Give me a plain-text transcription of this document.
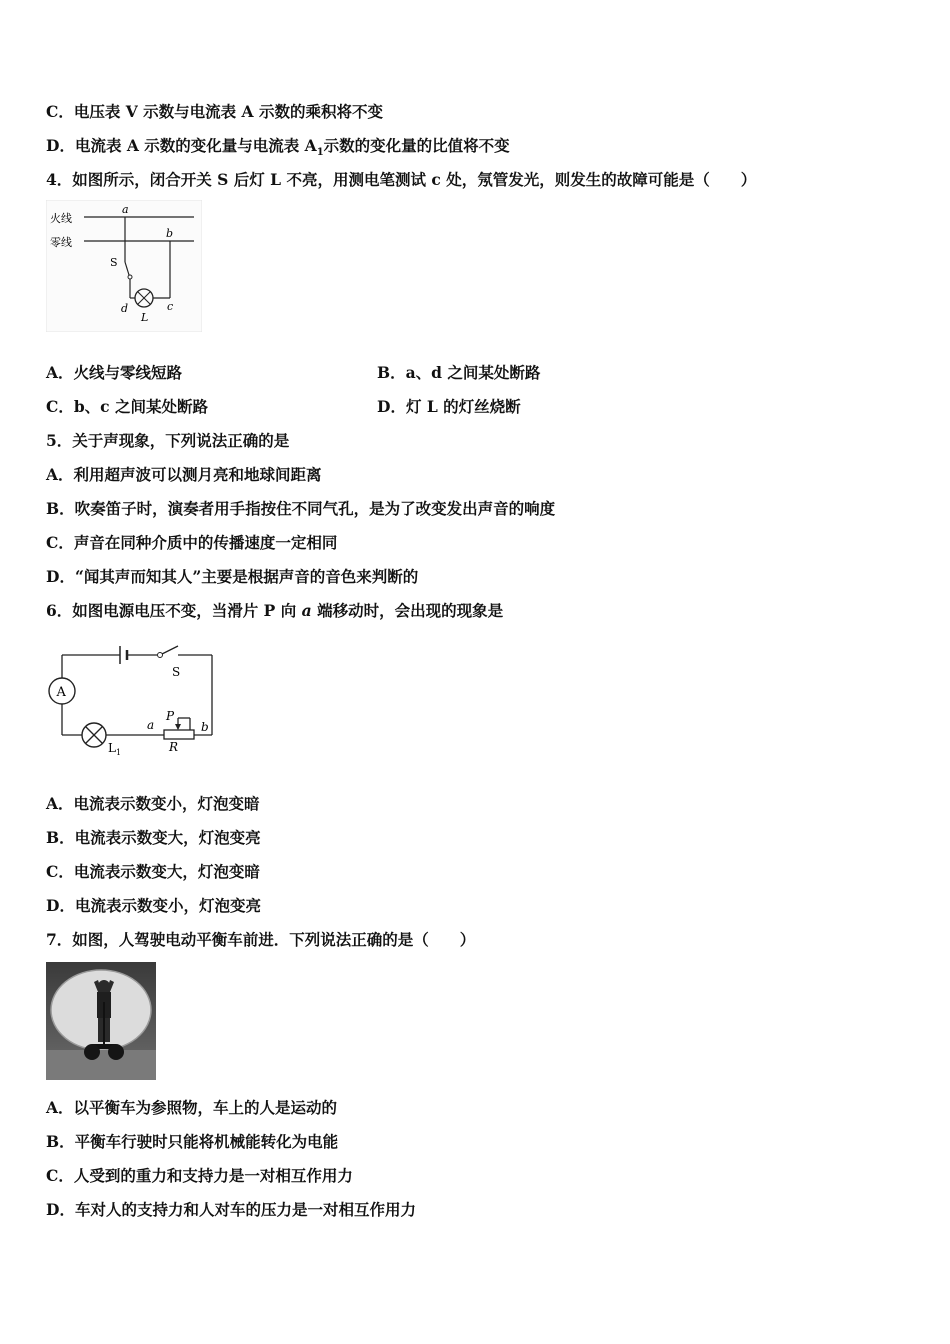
C．电压表 V 示数与电流表 A 示数的乘积将不变
D．电流表 A 示数的变化量与电流表 $A_1$示数的变化量的比值将不变
4．如图所示，闭合开关 S 后灯 L 不亮，用测电笔测试 c 处，氖管发光，则发生的故障可能是（　　）
火线
零线
a
b
S
d
L
c
A．火线与零线短路	B．a、d 之间某处断路
C．b、c 之间某处断路	D．灯 L 的灯丝烧断
5．关于声现象，下列说法正确的是
A．利用超声波可以测月亮和地球间距离
B．吹奏笛子时，演奏者用手指按住不同气孔，是为了改变发出声音的响度
C．声音在同种介质中的传播速度一定相同
D．“闻其声而知其人”主要是根据声音的音色来判断的
6．如图电源电压不变，当滑片 P 向 a 端移动时，会出现的现象是
S
A
$L_1$
a
P
b
R
A．电流表示数变小，灯泡变暗
B．电流表示数变大，灯泡变亮
C．电流表示数变大，灯泡变暗
D．电流表示数变小，灯泡变亮
7．如图，人驾驶电动平衡车前进．下列说法正确的是（　　）
A．以平衡车为参照物，车上的人是运动的
B．平衡车行驶时只能将机械能转化为电能
C．人受到的重力和支持力是一对相互作用力
D．车对人的支持力和人对车的压力是一对相互作用力
